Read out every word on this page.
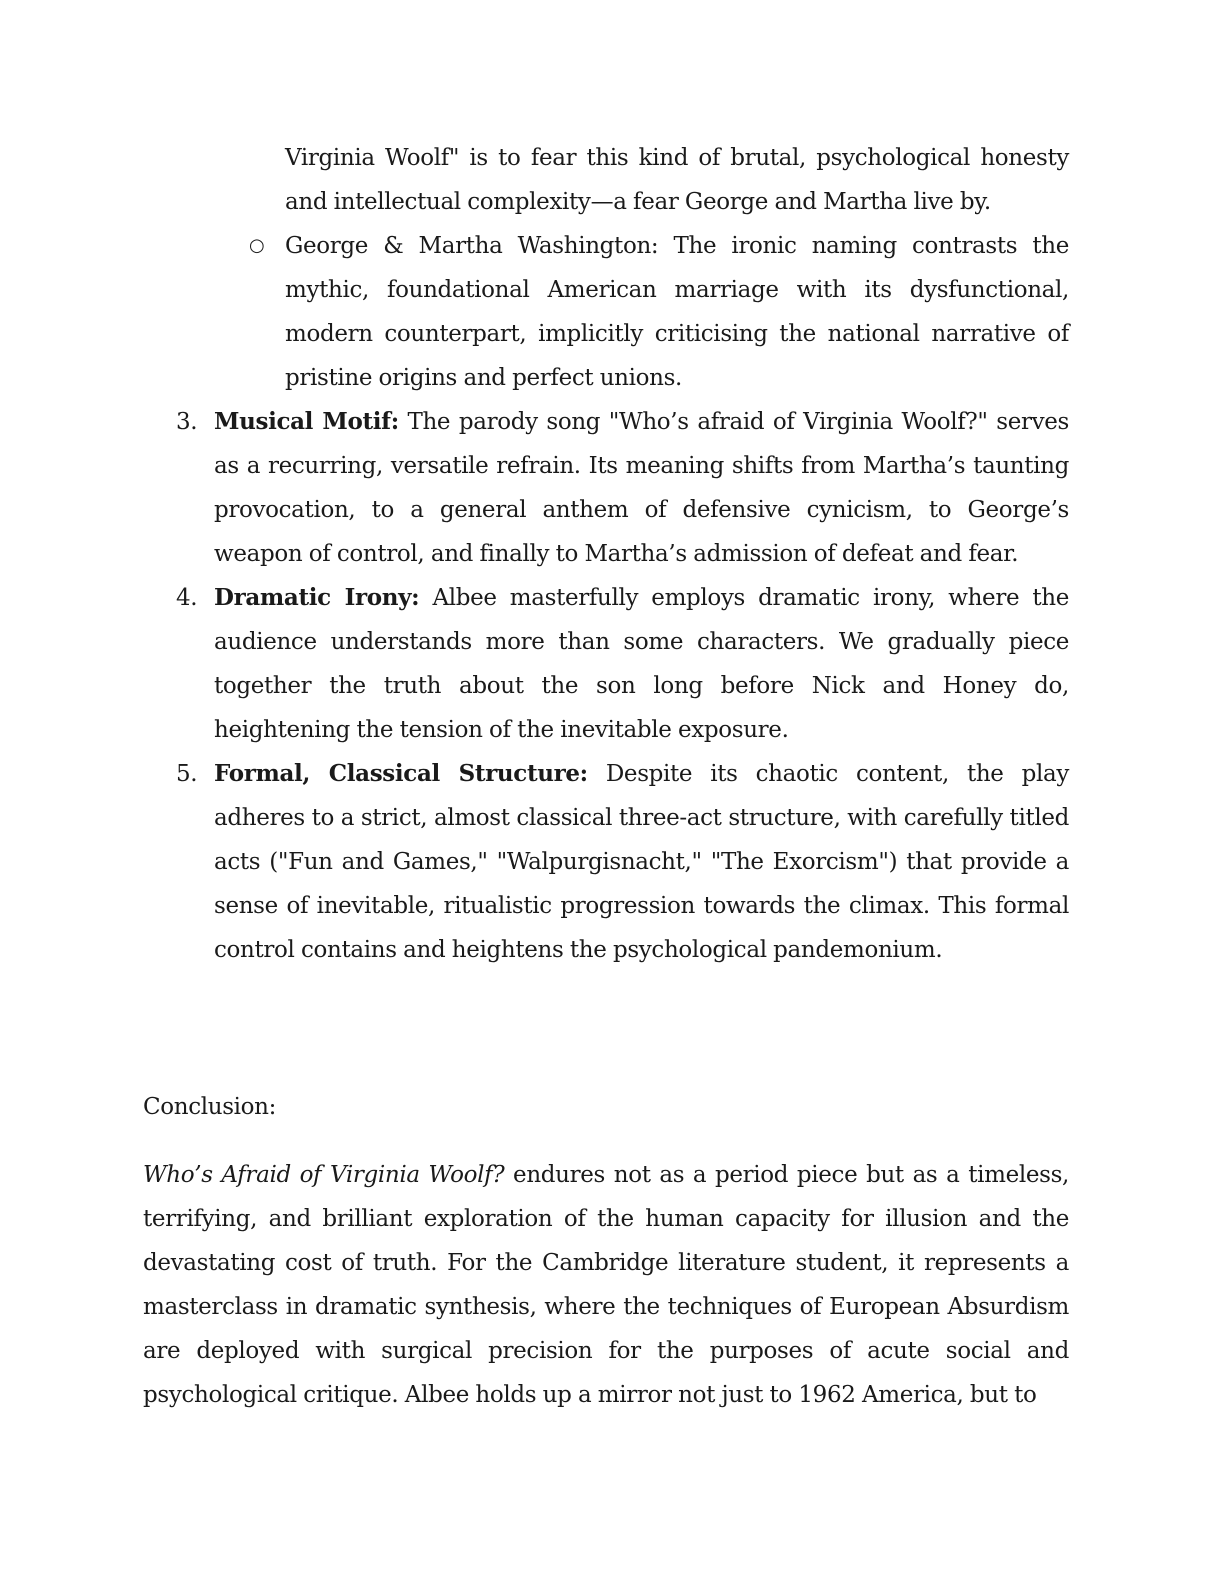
Virginia Woolf" is to fear this kind of brutal, psychological honesty and intellectual complexity—a fear George and Martha live by.
○ George & Martha Washington: The ironic naming contrasts the mythic, foundational American marriage with its dysfunctional, modern counterpart, implicitly criticising the national narrative of pristine origins and perfect unions.
3. Musical Motif: The parody song "Who’s afraid of Virginia Woolf?" serves as a recurring, versatile refrain. Its meaning shifts from Martha’s taunting provocation, to a general anthem of defensive cynicism, to George’s weapon of control, and finally to Martha’s admission of defeat and fear.
4. Dramatic Irony: Albee masterfully employs dramatic irony, where the audience understands more than some characters. We gradually piece together the truth about the son long before Nick and Honey do, heightening the tension of the inevitable exposure.
5. Formal, Classical Structure: Despite its chaotic content, the play adheres to a strict, almost classical three-act structure, with carefully titled acts ("Fun and Games," "Walpurgisnacht," "The Exorcism") that provide a sense of inevitable, ritualistic progression towards the climax. This formal control contains and heightens the psychological pandemonium.
Conclusion:
Who’s Afraid of Virginia Woolf? endures not as a period piece but as a timeless, terrifying, and brilliant exploration of the human capacity for illusion and the devastating cost of truth. For the Cambridge literature student, it represents a masterclass in dramatic synthesis, where the techniques of European Absurdism are deployed with surgical precision for the purposes of acute social and psychological critique. Albee holds up a mirror not just to 1962 America, but to
